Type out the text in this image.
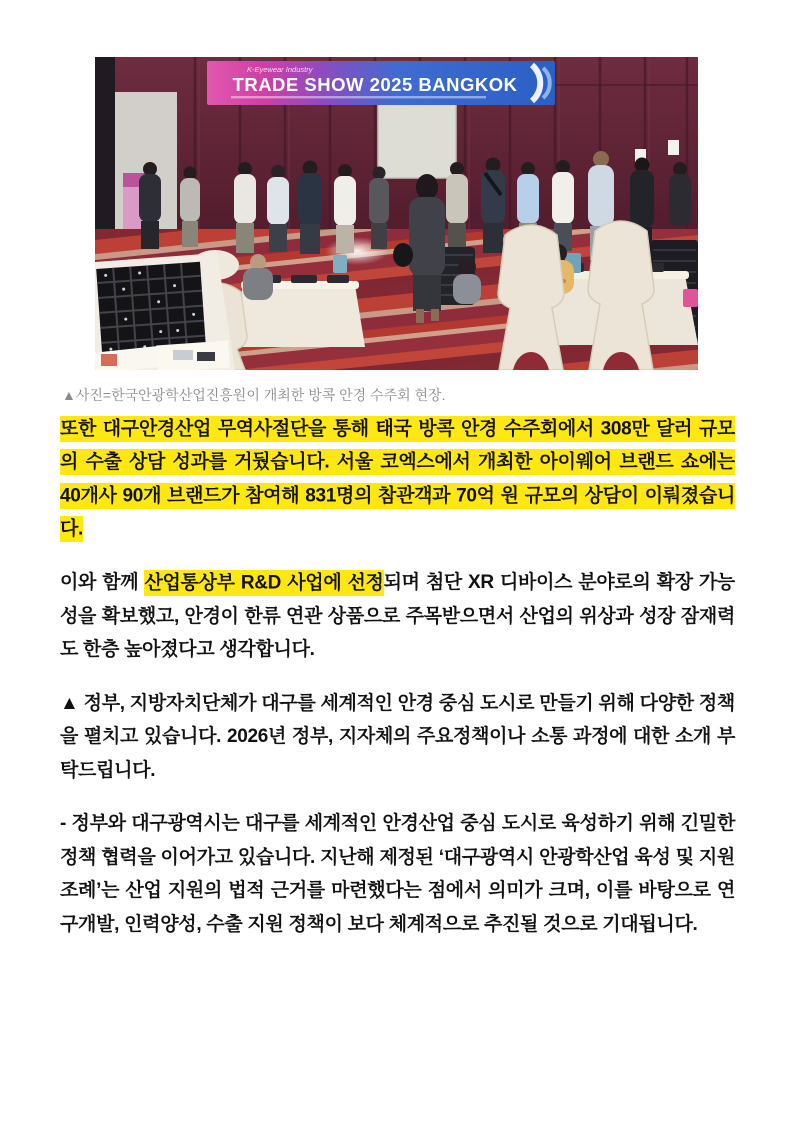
K-Eyewear Industry
TRADE SHOW 2025 BANGKOK

▲사진=한국안광학산업진흥원이 개최한 방콕 안경 수주회 현장.

또한 대구안경산업 무역사절단을 통해 태국 방콕 안경 수주회에서 308만 달러 규모의 수출 상담 성과를 거뒀습니다. 서울 코엑스에서 개최한 아이웨어 브랜드 쇼에는 40개사 90개 브랜드가 참여해 831명의 참관객과 70억 원 규모의 상담이 이뤄졌습니다.

이와 함께 산업통상부 R&D 사업에 선정되며 첨단 XR 디바이스 분야로의 확장 가능성을 확보했고, 안경이 한류 연관 상품으로 주목받으면서 산업의 위상과 성장 잠재력도 한층 높아졌다고 생각합니다.

▲ 정부, 지방자치단체가 대구를 세계적인 안경 중심 도시로 만들기 위해 다양한 정책을 펼치고 있습니다. 2026년 정부, 지자체의 주요정책이나 소통 과정에 대한 소개 부탁드립니다.

- 정부와 대구광역시는 대구를 세계적인 안경산업 중심 도시로 육성하기 위해 긴밀한 정책 협력을 이어가고 있습니다. 지난해 제정된 ‘대구광역시 안광학산업 육성 및 지원 조례’는 산업 지원의 법적 근거를 마련했다는 점에서 의미가 크며, 이를 바탕으로 연구개발, 인력양성, 수출 지원 정책이 보다 체계적으로 추진될 것으로 기대됩니다.
